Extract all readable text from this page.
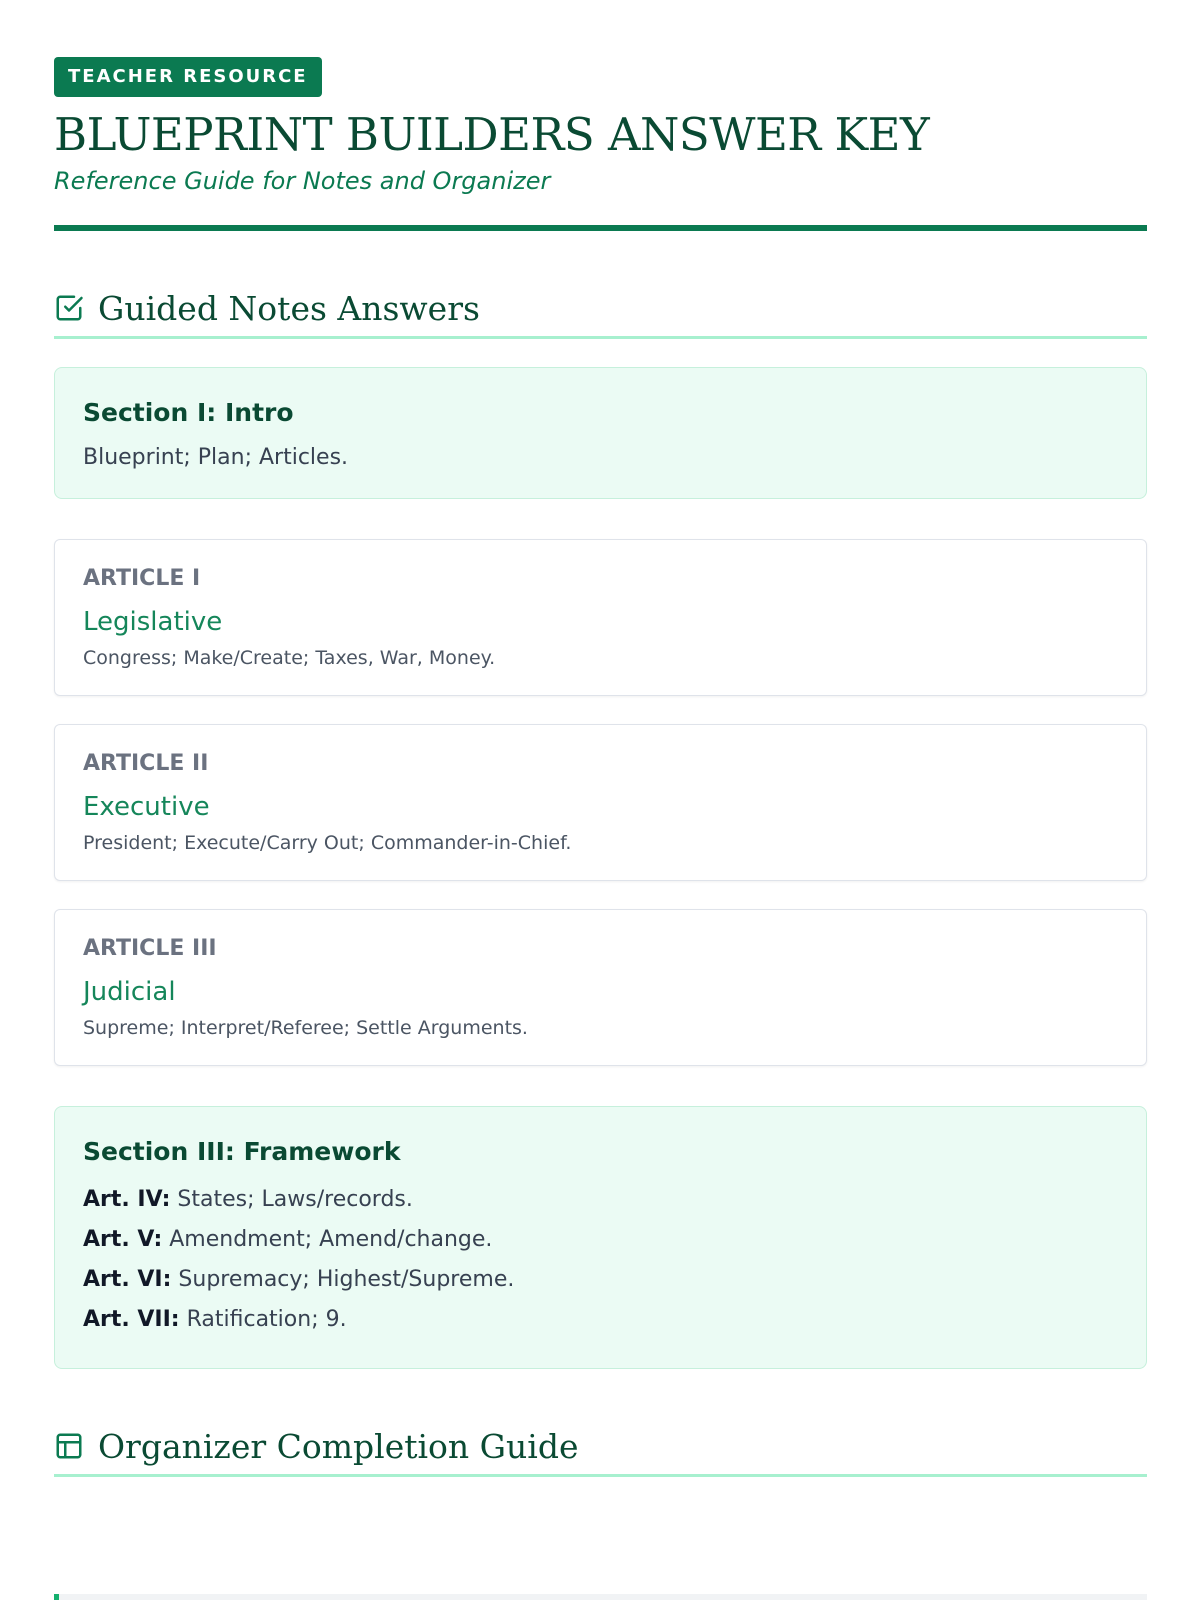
TEACHER RESOURCE
BLUEPRINT BUILDERS ANSWER KEY
Reference Guide for Notes and Organizer
Guided Notes Answers
Section I: Intro
Blueprint; Plan; Articles.
ARTICLE I
Legislative
Congress; Make/Create; Taxes, War, Money.
ARTICLE II
Executive
President; Execute/Carry Out; Commander-in-Chief.
ARTICLE III
Judicial
Supreme; Interpret/Referee; Settle Arguments.
Section III: Framework
Art. IV: States; Laws/records.
Art. V: Amendment; Amend/change.
Art. VI: Supremacy; Highest/Supreme.
Art. VII: Ratification; 9.
Organizer Completion Guide
